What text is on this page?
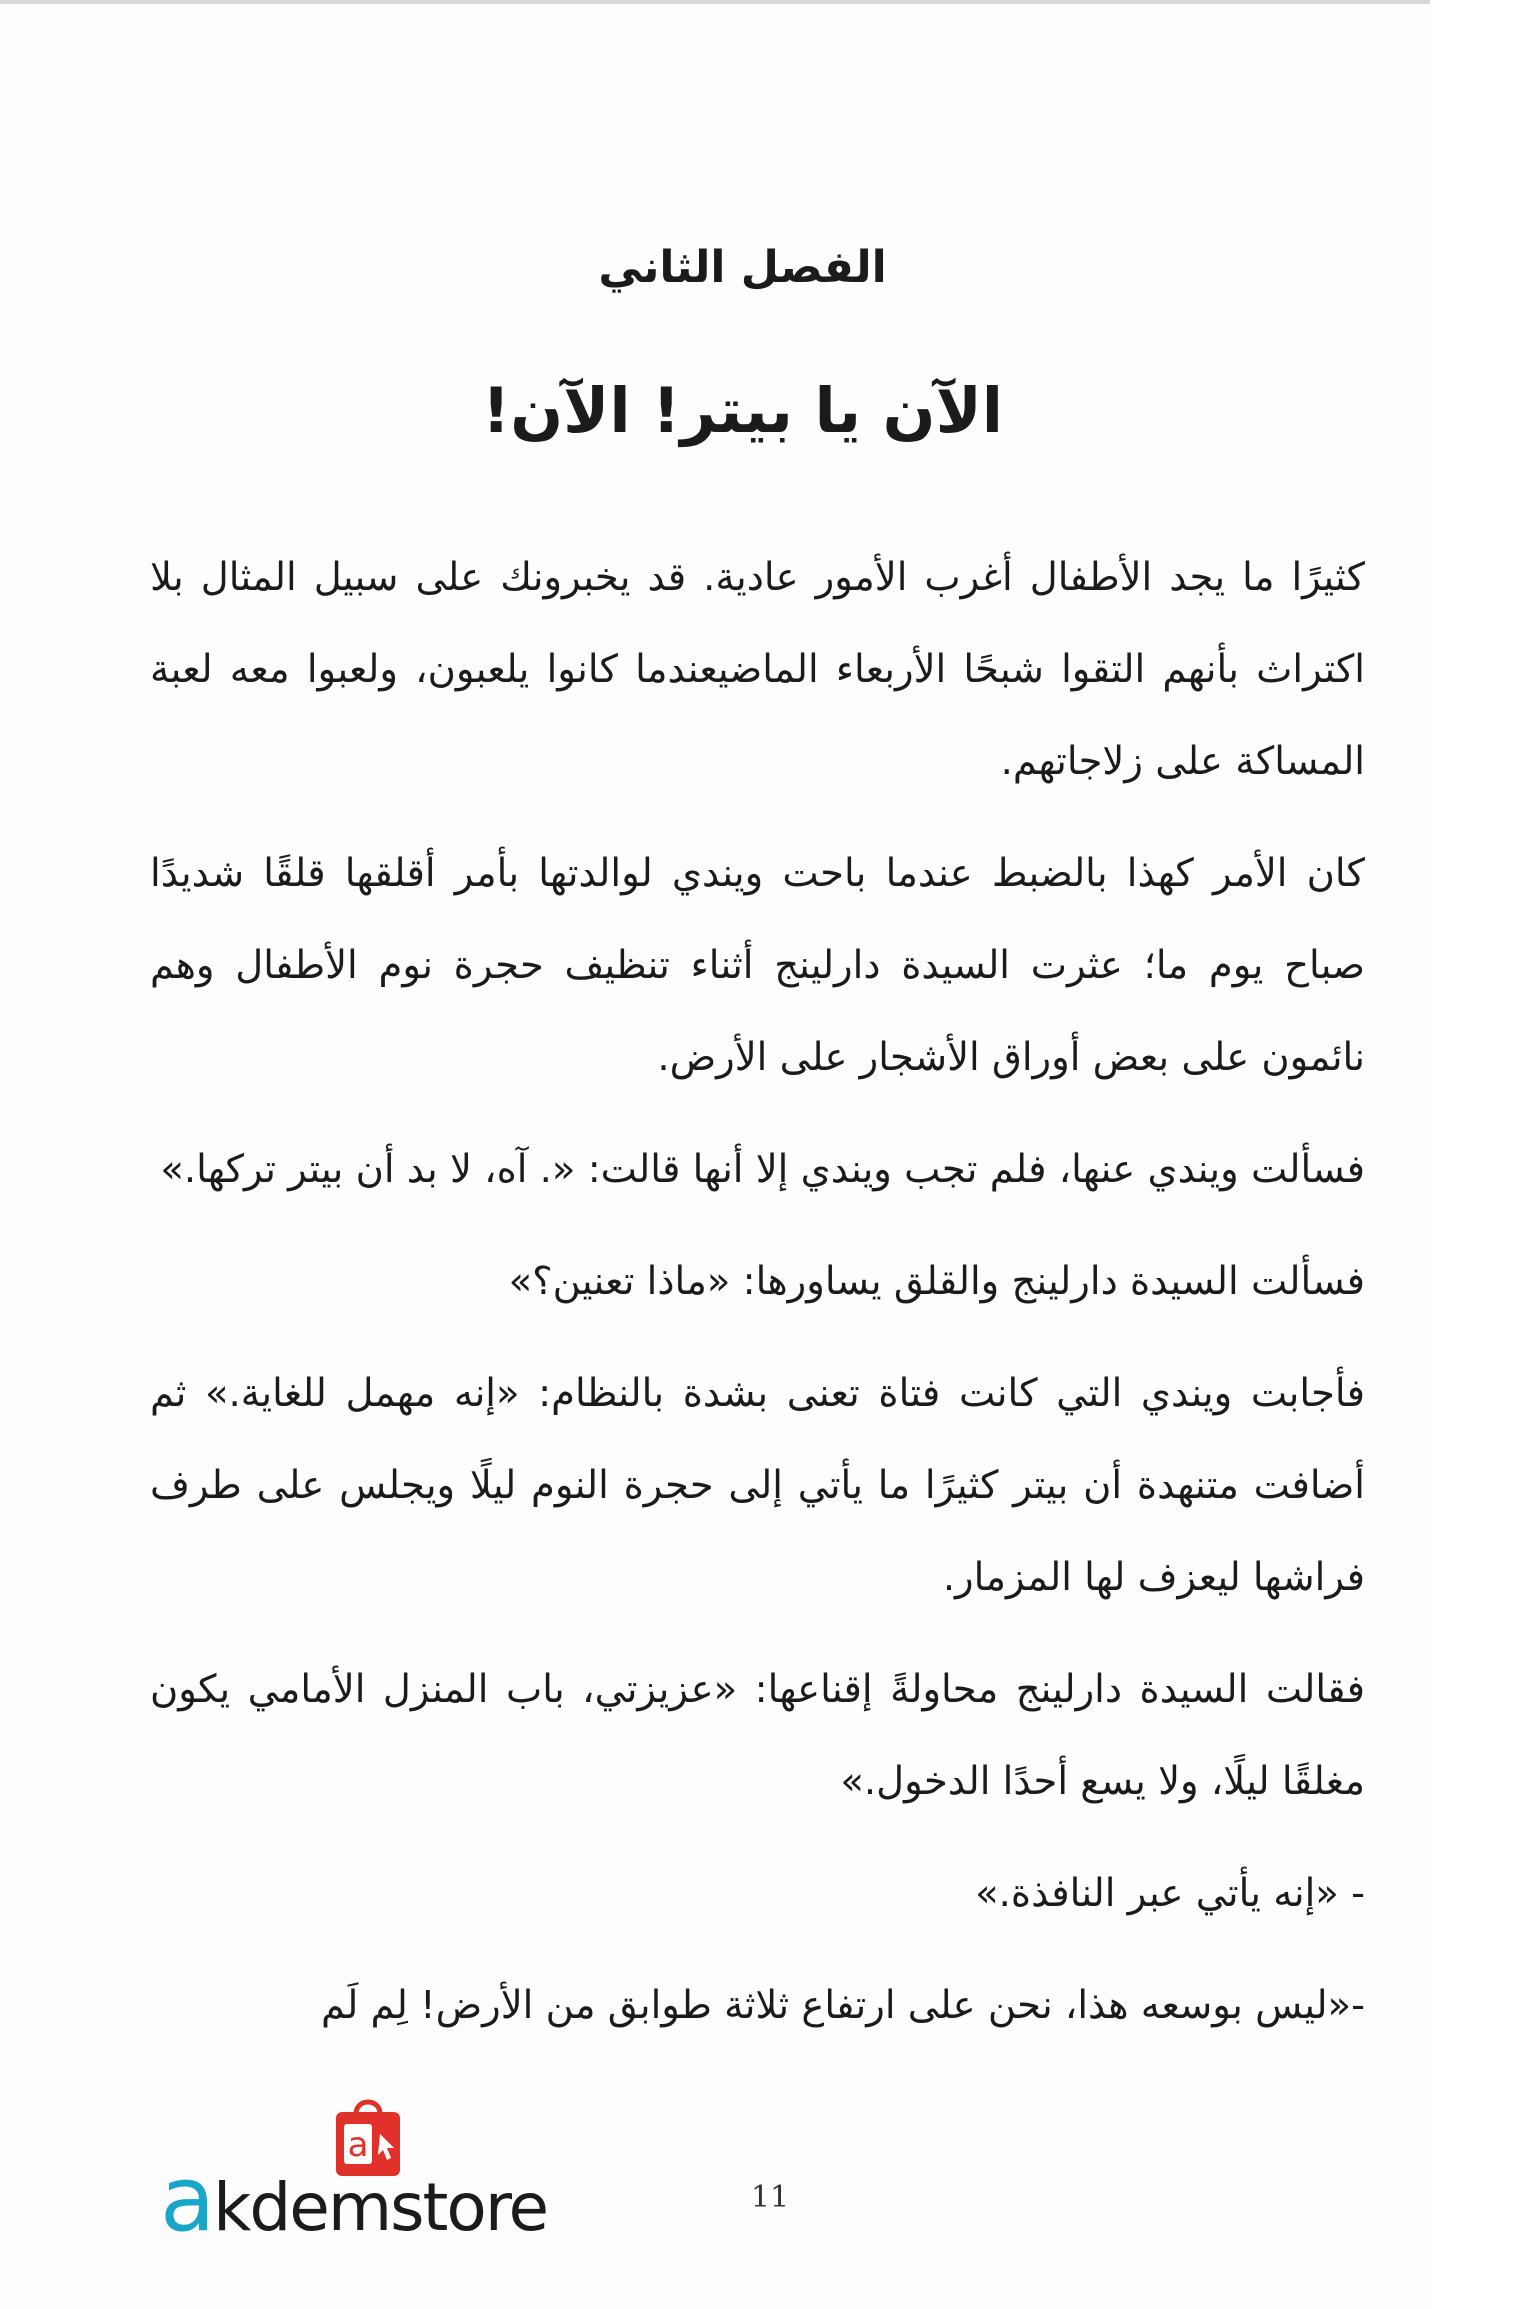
الفصل الثاني
الآن يا بيتر! الآن!

كثيرًا ما يجد الأطفال أغرب الأمور عادية. قد يخبرونك على سبيل المثال بلا اكتراث بأنهم التقوا شبحًا الأربعاء الماضيعندما كانوا يلعبون، ولعبوا معه لعبة المساكة على زلاجاتهم.

كان الأمر كهذا بالضبط عندما باحت ويندي لوالدتها بأمر أقلقها قلقًا شديدًا صباح يوم ما؛ عثرت السيدة دارلينج أثناء تنظيف حجرة نوم الأطفال وهم نائمون على بعض أوراق الأشجار على الأرض.

فسألت ويندي عنها، فلم تجب ويندي إلا أنها قالت: «. آه، لا بد أن بيتر تركها.»

فسألت السيدة دارلينج والقلق يساورها: «ماذا تعنين؟»

فأجابت ويندي التي كانت فتاة تعنى بشدة بالنظام: «إنه مهمل للغاية.» ثم أضافت متنهدة أن بيتر كثيرًا ما يأتي إلى حجرة النوم ليلًا ويجلس على طرف فراشها ليعزف لها المزمار.

فقالت السيدة دارلينج محاولةً إقناعها: «عزيزتي، باب المنزل الأمامي يكون مغلقًا ليلًا، ولا يسع أحدًا الدخول.»

- «إنه يأتي عبر النافذة.»

-«ليس بوسعه هذا، نحن على ارتفاع ثلاثة طوابق من الأرض! لِم لَم

11
a
akdemstore
